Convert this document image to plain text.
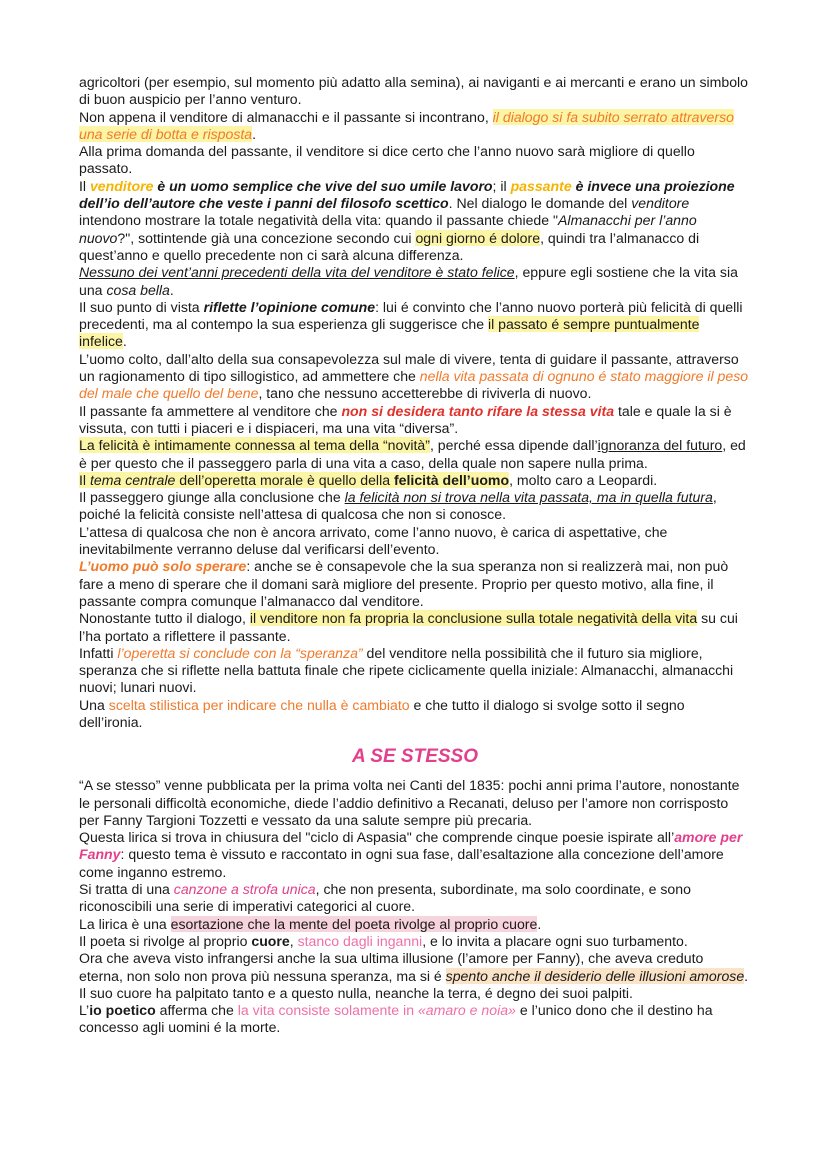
agricoltori (per esempio, sul momento più adatto alla semina), ai naviganti e ai mercanti e erano un simbolo di buon auspicio per l’anno venturo.

Non appena il venditore di almanacchi e il passante si incontrano, il dialogo si fa subito serrato attraverso una serie di botta e risposta.

Alla prima domanda del passante, il venditore si dice certo che l’anno nuovo sarà migliore di quello passato.

Il venditore è un uomo semplice che vive del suo umile lavoro; il passante è invece una proiezione dell’io dell’autore che veste i panni del filosofo scettico. Nel dialogo le domande del venditore intendono mostrare la totale negatività della vita: quando il passante chiede "Almanacchi per l’anno nuovo?", sottintende già una concezione secondo cui ogni giorno é dolore, quindi tra l’almanacco di quest’anno e quello precedente non ci sarà alcuna differenza.

Nessuno dei vent’anni precedenti della vita del venditore è stato felice, eppure egli sostiene che la vita sia una cosa bella.

Il suo punto di vista riflette l’opinione comune: lui é convinto che l’anno nuovo porterà più felicità di quelli precedenti, ma al contempo la sua esperienza gli suggerisce che il passato é sempre puntualmente infelice.

L’uomo colto, dall’alto della sua consapevolezza sul male di vivere, tenta di guidare il passante, attraverso un ragionamento di tipo sillogistico, ad ammettere che nella vita passata di ognuno é stato maggiore il peso del male che quello del bene, tano che nessuno accetterebbe di riviverla di nuovo.

Il passante fa ammettere al venditore che non si desidera tanto rifare la stessa vita tale e quale la si è vissuta, con tutti i piaceri e i dispiaceri, ma una vita “diversa”.

La felicità è intimamente connessa al tema della “novità”, perché essa dipende dall’ignoranza del futuro, ed è per questo che il passeggero parla di una vita a caso, della quale non sapere nulla prima.

Il tema centrale dell’operetta morale è quello della felicità dell’uomo, molto caro a Leopardi.

Il passeggero giunge alla conclusione che la felicità non si trova nella vita passata, ma in quella futura, poiché la felicità consiste nell’attesa di qualcosa che non si conosce.

L’attesa di qualcosa che non è ancora arrivato, come l’anno nuovo, è carica di aspettative, che inevitabilmente verranno deluse dal verificarsi dell’evento.

L’uomo può solo sperare: anche se è consapevole che la sua speranza non si realizzerà mai, non può fare a meno di sperare che il domani sarà migliore del presente. Proprio per questo motivo, alla fine, il passante compra comunque l’almanacco dal venditore.

Nonostante tutto il dialogo, il venditore non fa propria la conclusione sulla totale negatività della vita su cui l’ha portato a riflettere il passante.

Infatti l’operetta si conclude con la “speranza” del venditore nella possibilità che il futuro sia migliore, speranza che si riflette nella battuta finale che ripete ciclicamente quella iniziale: Almanacchi, almanacchi nuovi; lunari nuovi.

Una scelta stilistica per indicare che nulla è cambiato e che tutto il dialogo si svolge sotto il segno dell’ironia.

A SE STESSO

“A se stesso” venne pubblicata per la prima volta nei Canti del 1835: pochi anni prima l’autore, nonostante le personali difficoltà economiche, diede l’addio definitivo a Recanati, deluso per l’amore non corrisposto per Fanny Targioni Tozzetti e vessato da una salute sempre più precaria.

Questa lirica si trova in chiusura del "ciclo di Aspasia" che comprende cinque poesie ispirate all’amore per Fanny: questo tema è vissuto e raccontato in ogni sua fase, dall’esaltazione alla concezione dell’amore come inganno estremo.

Si tratta di una canzone a strofa unica, che non presenta, subordinate, ma solo coordinate, e sono riconoscibili una serie di imperativi categorici al cuore.

La lirica è una esortazione che la mente del poeta rivolge al proprio cuore.

Il poeta si rivolge al proprio cuore, stanco dagli inganni, e lo invita a placare ogni suo turbamento.

Ora che aveva visto infrangersi anche la sua ultima illusione (l’amore per Fanny), che aveva creduto eterna, non solo non prova più nessuna speranza, ma si é spento anche il desiderio delle illusioni amorose.

Il suo cuore ha palpitato tanto e a questo nulla, neanche la terra, é degno dei suoi palpiti.

L’io poetico afferma che la vita consiste solamente in «amaro e noia» e l’unico dono che il destino ha concesso agli uomini é la morte.
